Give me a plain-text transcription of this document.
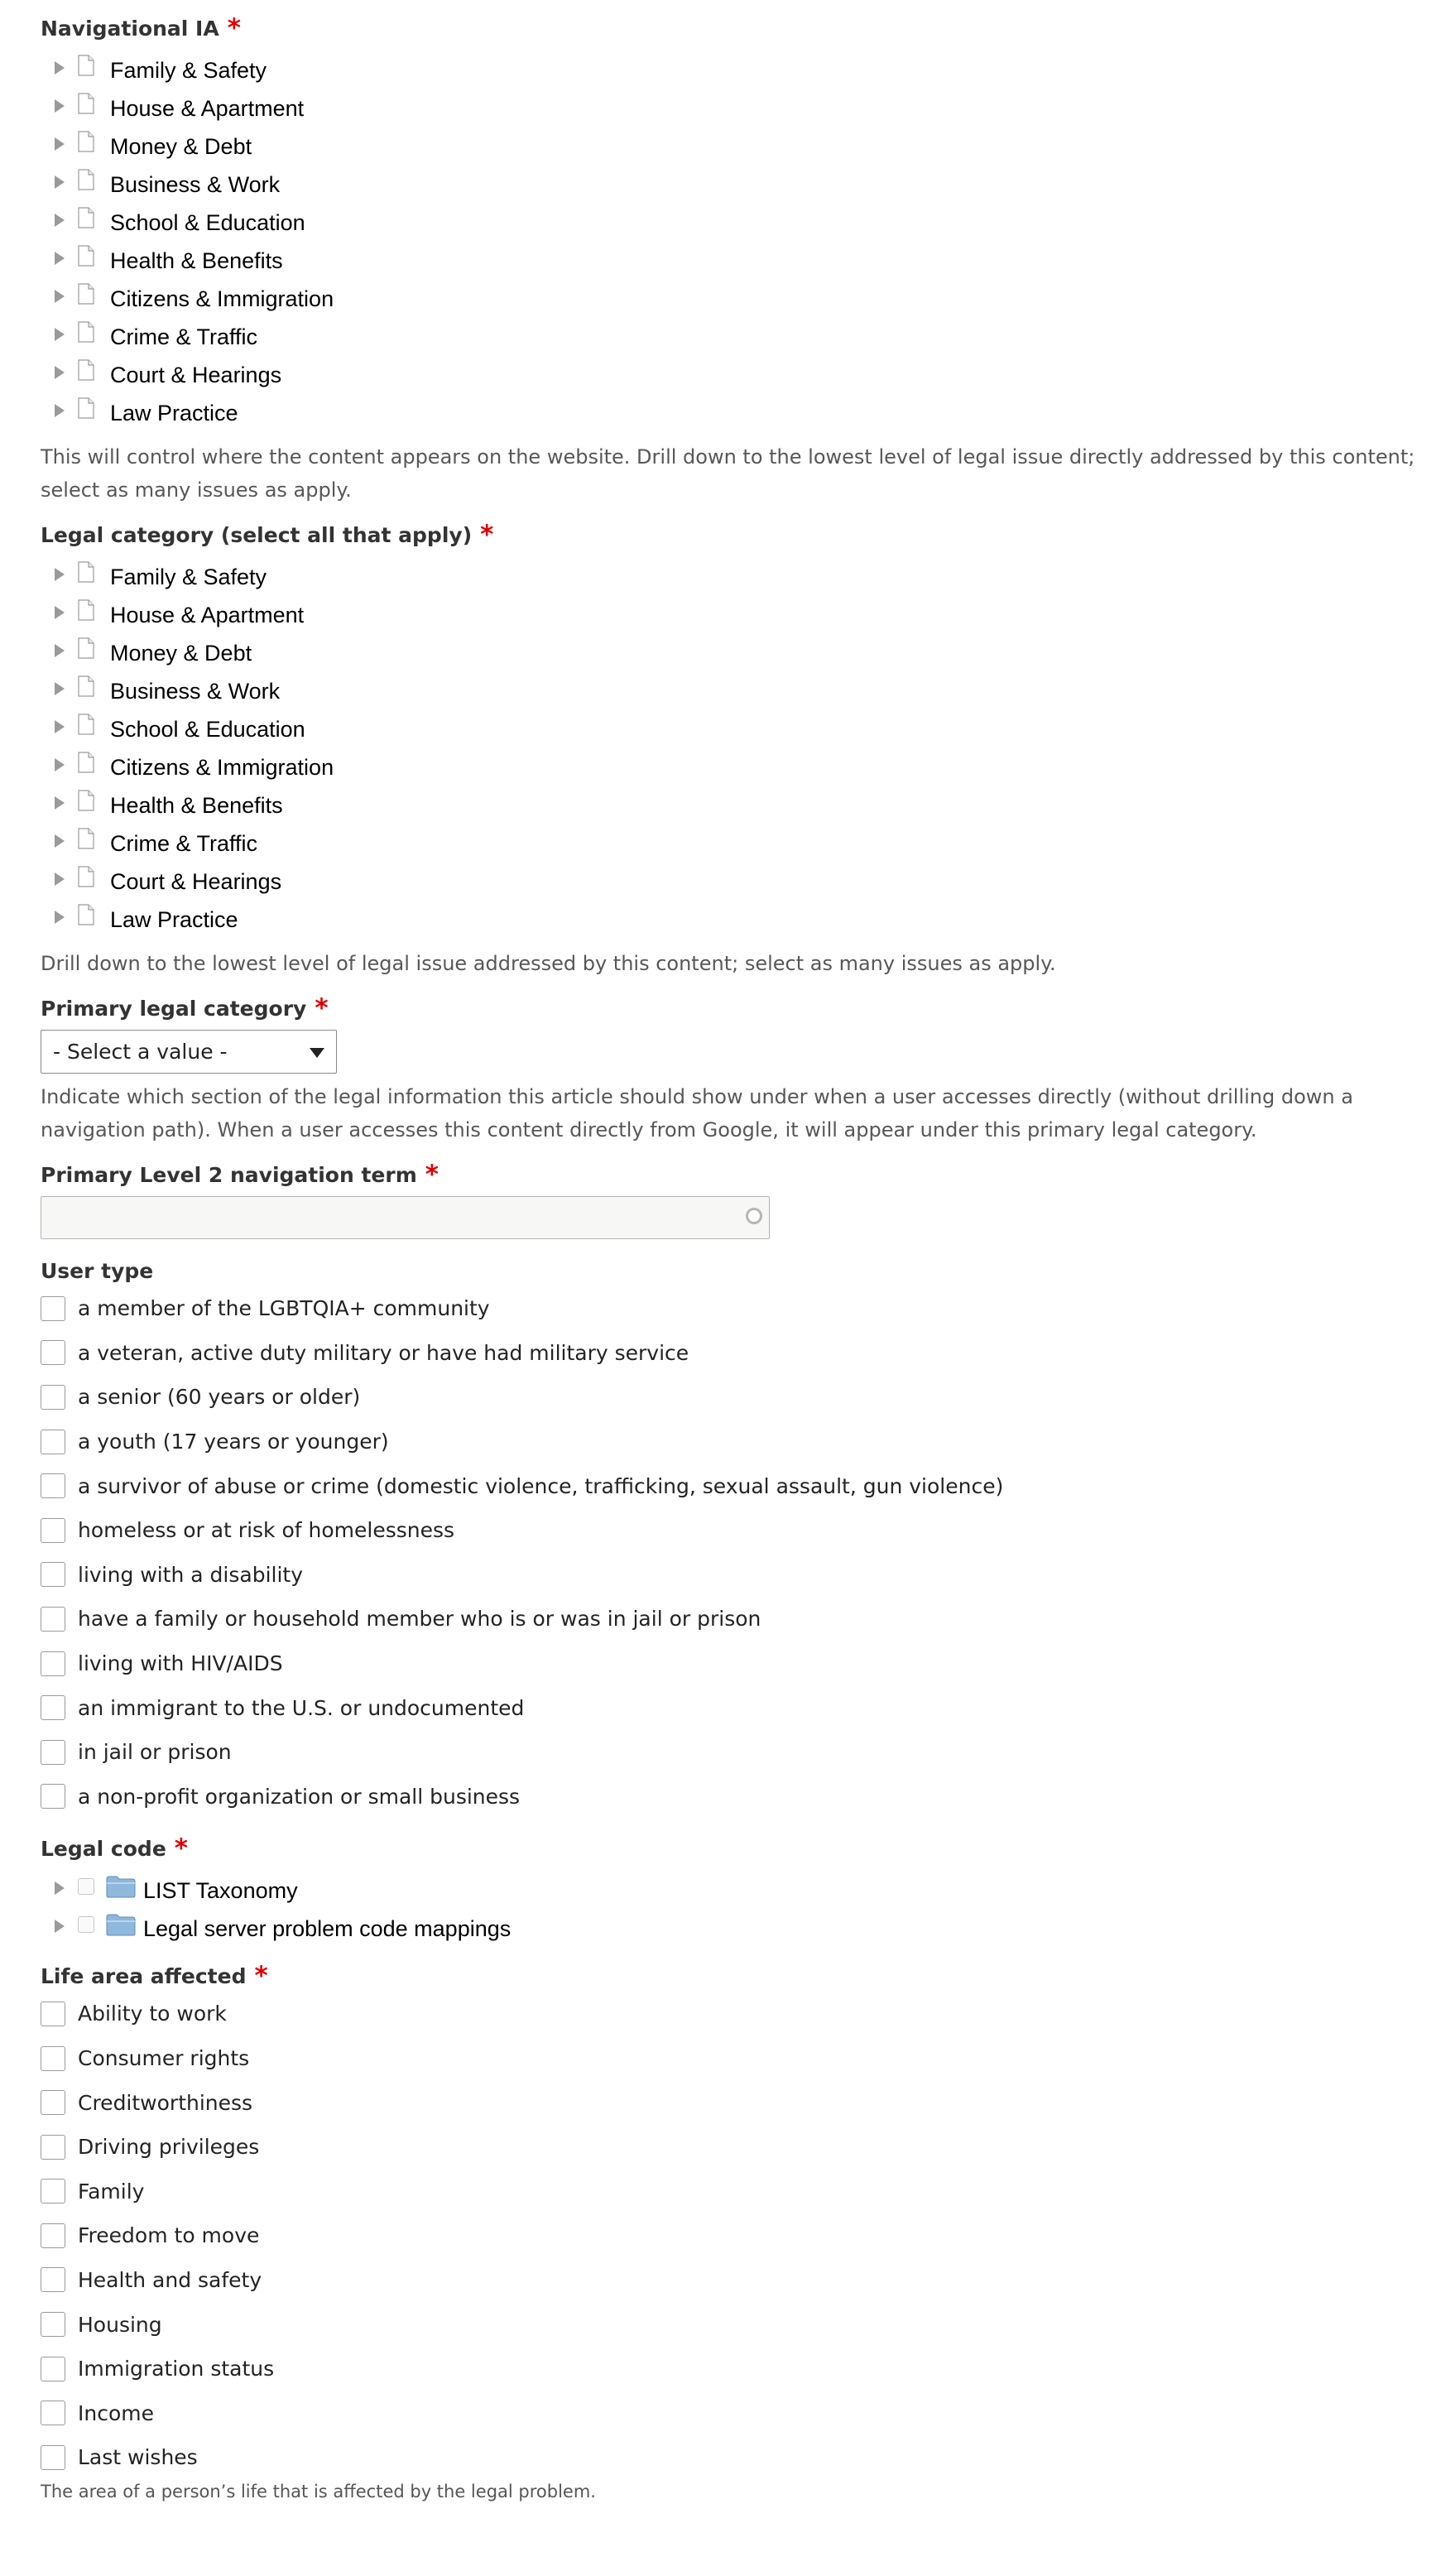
Navigational IA *
Family & Safety
House & Apartment
Money & Debt
Business & Work
School & Education
Health & Benefits
Citizens & Immigration
Crime & Traffic
Court & Hearings
Law Practice
This will control where the content appears on the website. Drill down to the lowest level of legal issue directly addressed by this content;
select as many issues as apply.
Legal category (select all that apply) *
Family & Safety
House & Apartment
Money & Debt
Business & Work
School & Education
Citizens & Immigration
Health & Benefits
Crime & Traffic
Court & Hearings
Law Practice
Drill down to the lowest level of legal issue addressed by this content; select as many issues as apply.
Primary legal category *
- Select a value -
Indicate which section of the legal information this article should show under when a user accesses directly (without drilling down a
navigation path). When a user accesses this content directly from Google, it will appear under this primary legal category.
Primary Level 2 navigation term *
User type
a member of the LGBTQIA+ community
a veteran, active duty military or have had military service
a senior (60 years or older)
a youth (17 years or younger)
a survivor of abuse or crime (domestic violence, trafficking, sexual assault, gun violence)
homeless or at risk of homelessness
living with a disability
have a family or household member who is or was in jail or prison
living with HIV/AIDS
an immigrant to the U.S. or undocumented
in jail or prison
a non-profit organization or small business
Legal code *
LIST Taxonomy
Legal server problem code mappings
Life area affected *
Ability to work
Consumer rights
Creditworthiness
Driving privileges
Family
Freedom to move
Health and safety
Housing
Immigration status
Income
Last wishes
The area of a person’s life that is affected by the legal problem.
